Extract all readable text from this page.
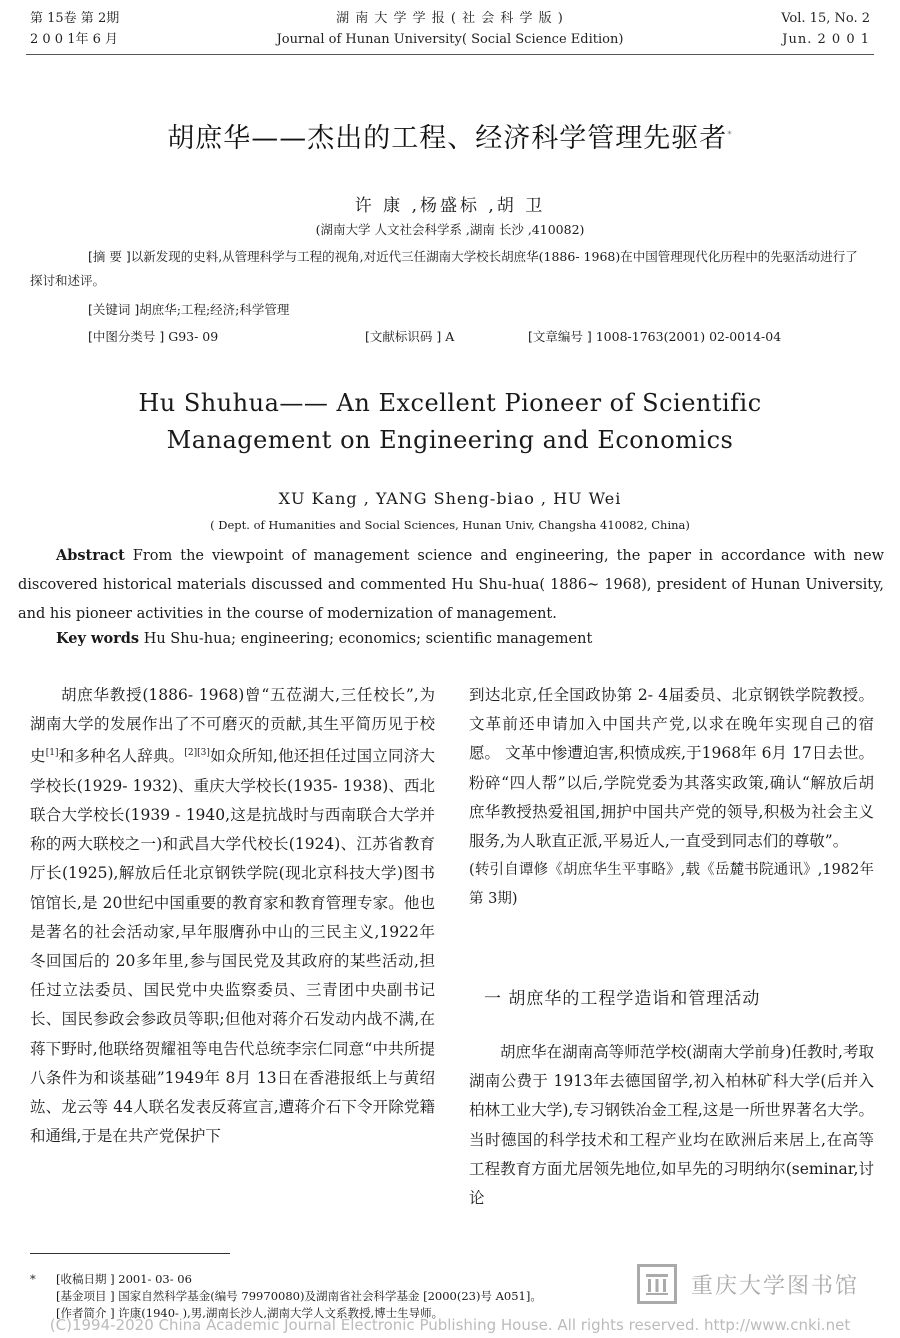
第 15卷 第 2期
2 0 0 1年 6 月
湖 南 大 学 学 报 ( 社 会 科 学 版 )
Journal of Hunan University( Social Science Edition)
Vol. 15, No. 2
Jun. 2 0 0 1
胡庶华——杰出的工程、经济科学管理先驱者*
许 康 ,杨盛标 ,胡 卫
(湖南大学 人文社会科学系 ,湖南 长沙 ,410082)
[摘 要 ]以新发现的史料,从管理科学与工程的视角,对近代三任湖南大学校长胡庶华(1886- 1968)在中国管理现代化历程中的先驱活动进行了探讨和述评。
[关键词 ]胡庶华;工程;经济;科学管理
[中图分类号 ] G93- 09	[文献标识码 ] A	[文章编号 ] 1008-1763(2001) 02-0014-04
Hu Shuhua—— An Excellent Pioneer of Scientific
Management on Engineering and Economics
XU Kang , YANG Sheng-biao , HU Wei
( Dept. of Humanities and Social Sciences, Hunan Univ, Changsha 410082, China)
Abstract From the viewpoint of management science and engineering, the paper in accordance with new discovered historical materials discussed and commented Hu Shu-hua( 1886~ 1968), president of Hunan University, and his pioneer activities in the course of modernization of management.
Key words Hu Shu-hua; engineering; economics; scientific management

胡庶华教授(1886- 1968)曾“五莅湖大,三任校长”,为湖南大学的发展作出了不可磨灭的贡献,其生平简历见于校史[1]和多种名人辞典。[2][3]如众所知,他还担任过国立同济大学校长(1929- 1932)、重庆大学校长(1935- 1938)、西北联合大学校长(1939 - 1940,这是抗战时与西南联合大学并称的两大联校之一)和武昌大学代校长(1924)、江苏省教育厅长(1925),解放后任北京钢铁学院(现北京科技大学)图书馆馆长,是 20世纪中国重要的教育家和教育管理专家。他也是著名的社会活动家,早年服膺孙中山的三民主义,1922年冬回国后的 20多年里,参与国民党及其政府的某些活动,担任过立法委员、国民党中央监察委员、三青团中央副书记长、国民参政会参政员等职;但他对蒋介石发动内战不满,在蒋下野时,他联络贺耀祖等电告代总统李宗仁同意“中共所提八条件为和谈基础”1949年 8月 13日在香港报纸上与黄绍竑、龙云等 44人联名发表反蒋宣言,遭蒋介石下令开除党籍和通缉,于是在共产党保护下

到达北京,任全国政协第 2- 4届委员、北京钢铁学院教授。文革前还申请加入中国共产党,以求在晚年实现自己的宿愿。 文革中惨遭迫害,积愤成疾,于1968年 6月 17日去世。粉碎“四人帮”以后,学院党委为其落实政策,确认“解放后胡庶华教授热爱祖国,拥护中国共产党的领导,积极为社会主义服务,为人耿直正派,平易近人,一直受到同志们的尊敬”。

(转引自谭修《胡庶华生平事略》,载《岳麓书院通讯》,1982年第 3期)

一 胡庶华的工程学造诣和管理活动

胡庶华在湖南高等师范学校(湖南大学前身)任教时,考取湖南公费于 1913年去德国留学,初入柏林矿科大学(后并入柏林工业大学),专习钢铁冶金工程,这是一所世界著名大学。当时德国的科学技术和工程产业均在欧洲后来居上,在高等工程教育方面尤居领先地位,如早先的习明纳尔(seminar,讨论

* [收稿日期 ] 2001- 03- 06
[基金项目 ] 国家自然科学基金(编号 79970080)及湖南省社会科学基金 [2000(23)号 A051]。
[作者简介 ] 许康(1940- ),男,湖南长沙人,湖南大学人文系教授,博士生导师。
重庆大学图书馆
(C)1994-2020 China Academic Journal Electronic Publishing House. All rights reserved. http://www.cnki.net
